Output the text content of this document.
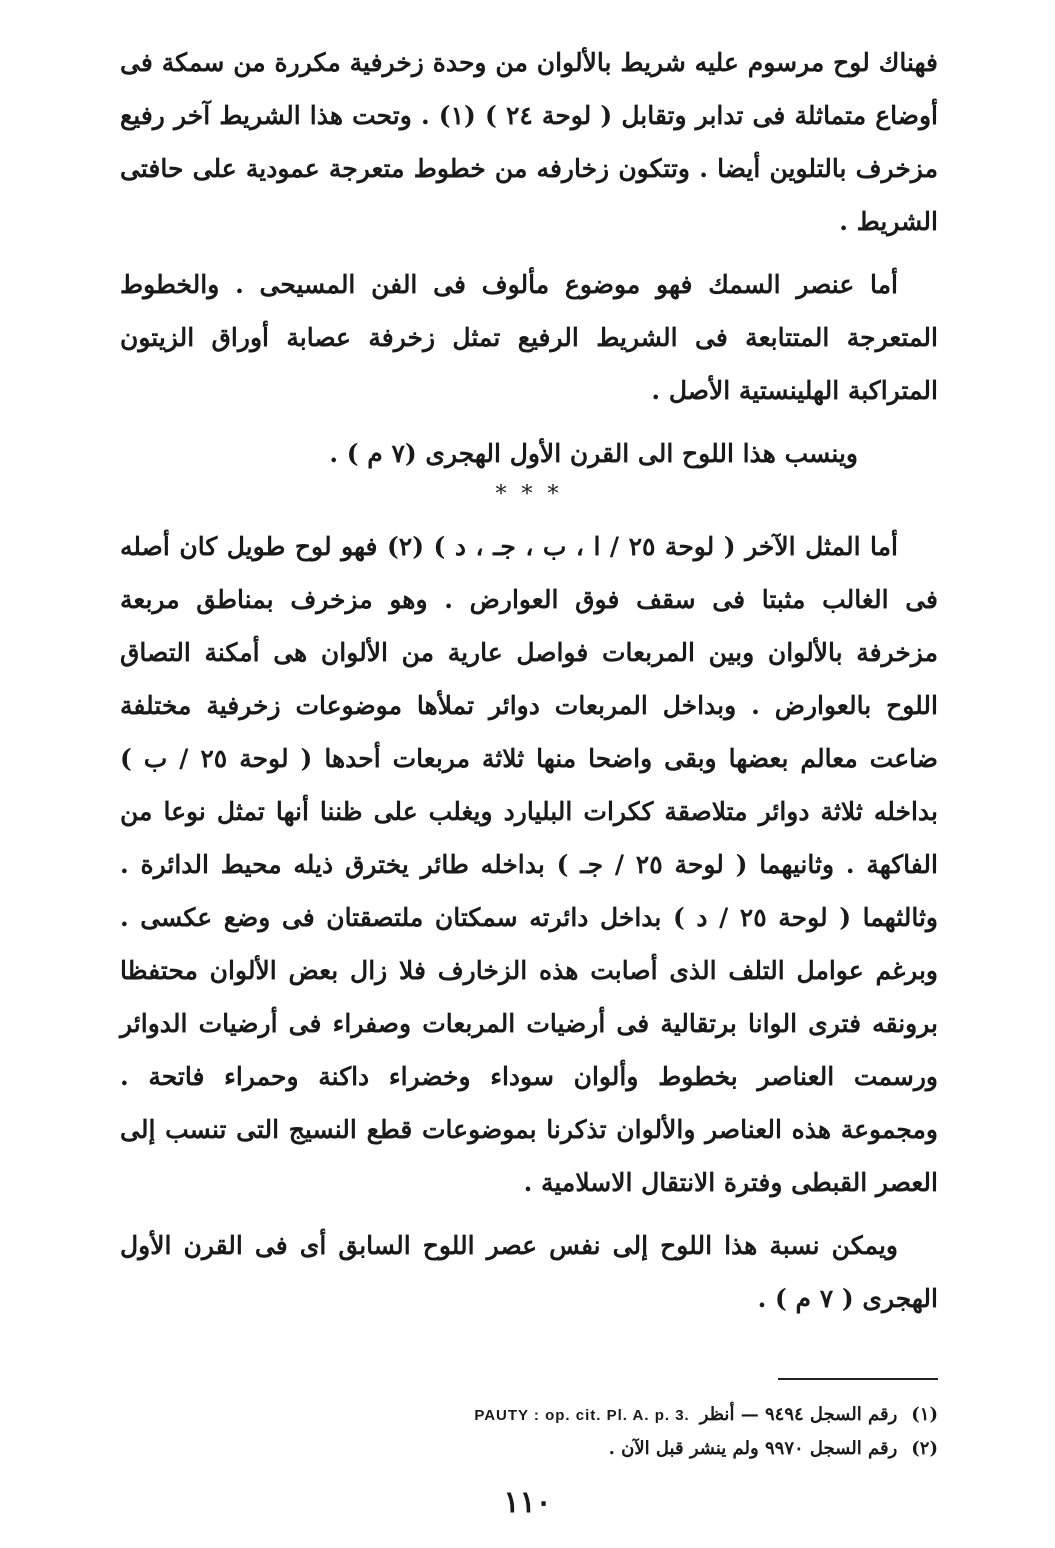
فهناك لوح مرسوم عليه شريط بالألوان من وحدة زخرفية مكررة من سمكة فى أوضاع متماثلة فى تدابر وتقابل ( لوحة ٢٤ ) (١) . وتحت هذا الشريط آخر رفيع مزخرف بالتلوين أيضا . وتتكون زخارفه من خطوط متعرجة عمودية على حافتى الشريط .

أما عنصر السمك فهو موضوع مألوف فى الفن المسيحى . والخطوط المتعرجة المتتابعة فى الشريط الرفيع تمثل زخرفة عصابة أوراق الزيتون المتراكبة الهلينستية الأصل .

وينسب هذا اللوح الى القرن الأول الهجرى (٧ م ) .

* * *

أما المثل الآخر ( لوحة ٢٥ / ا ، ب ، جـ ، د ) (٢) فهو لوح طويل كان أصله فى الغالب مثبتا فى سقف فوق العوارض . وهو مزخرف بمناطق مربعة مزخرفة بالألوان وبين المربعات فواصل عارية من الألوان هى أمكنة التصاق اللوح بالعوارض . وبداخل المربعات دوائر تملأها موضوعات زخرفية مختلفة ضاعت معالم بعضها وبقى واضحا منها ثلاثة مربعات أحدها ( لوحة ٢٥ / ب ) بداخله ثلاثة دوائر متلاصقة ككرات البليارد ويغلب على ظننا أنها تمثل نوعا من الفاكهة . وثانيهما ( لوحة ٢٥ / جـ ) بداخله طائر يخترق ذيله محيط الدائرة . وثالثهما ( لوحة ٢٥ / د ) بداخل دائرته سمكتان ملتصقتان فى وضع عكسى . وبرغم عوامل التلف الذى أصابت هذه الزخارف فلا زال بعض الألوان محتفظا برونقه فترى الوانا برتقالية فى أرضيات المربعات وصفراء فى أرضيات الدوائر ورسمت العناصر بخطوط وألوان سوداء وخضراء داكنة وحمراء فاتحة . ومجموعة هذه العناصر والألوان تذكرنا بموضوعات قطع النسيج التى تنسب إلى العصر القبطى وفترة الانتقال الاسلامية .

ويمكن نسبة هذا اللوح إلى نفس عصر اللوح السابق أى فى القرن الأول الهجرى ( ٧ م ) .

(١)رقم السجل ٩٤٩٤ — أنظرPAUTY : op. cit. Pl. A. p. 3.

(٢)رقم السجل ٩٩٧٠ ولم ينشر قبل الآن .

١١٠
